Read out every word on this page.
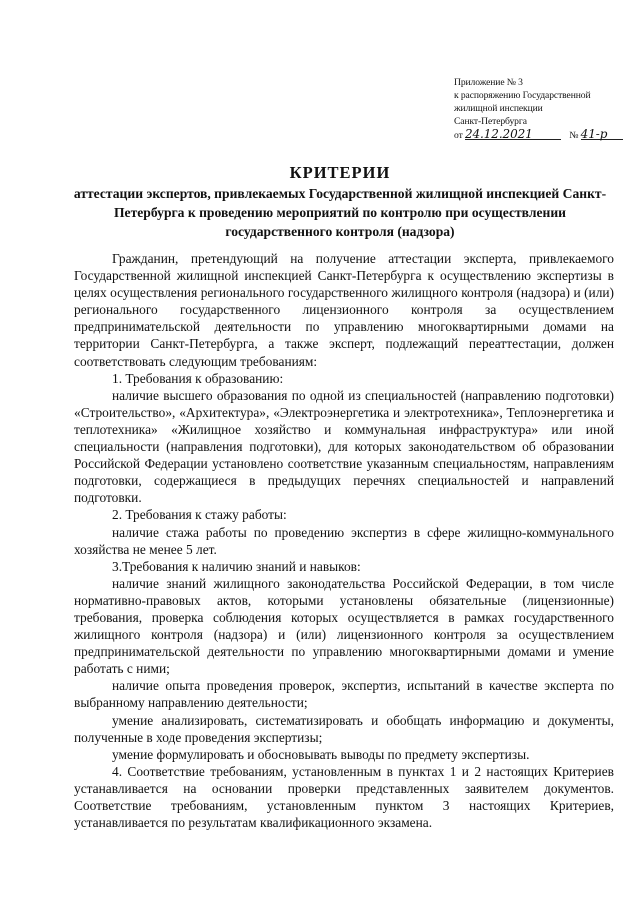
Приложение № 3
к распоряжению Государственной
жилищной инспекции
Санкт-Петербурга
от 24.12.2021	№ 41-р
КРИТЕРИИ
аттестации экспертов, привлекаемых Государственной жилищной инспекцией Санкт-Петербурга к проведению мероприятий по контролю при осуществлении государственного контроля (надзора)

Гражданин, претендующий на получение аттестации эксперта, привлекаемого Государственной жилищной инспекцией Санкт-Петербурга к осуществлению экспертизы в целях осуществления регионального государственного жилищного контроля (надзора) и (или) регионального государственного лицензионного контроля за осуществлением предпринимательской деятельности по управлению многоквартирными домами на территории Санкт-Петербурга, а также эксперт, подлежащий переаттестации, должен соответствовать следующим требованиям:

1. Требования к образованию:

наличие высшего образования по одной из специальностей (направлению подготовки) «Строительство», «Архитектура», «Электроэнергетика и электротехника», Теплоэнергетика и теплотехника» «Жилищное хозяйство и коммунальная инфраструктура» или иной специальности (направления подготовки), для которых законодательством об образовании Российской Федерации установлено соответствие указанным специальностям, направлениям подготовки, содержащиеся в предыдущих перечнях специальностей и направлений подготовки.

2. Требования к стажу работы:

наличие стажа работы по проведению экспертиз в сфере жилищно-коммунального хозяйства не менее 5 лет.

3.Требования к наличию знаний и навыков:

наличие знаний жилищного законодательства Российской Федерации, в том числе нормативно-правовых актов, которыми установлены обязательные (лицензионные) требования, проверка соблюдения которых осуществляется в рамках государственного жилищного контроля (надзора) и (или) лицензионного контроля за осуществлением предпринимательской деятельности по управлению многоквартирными домами и умение работать с ними;

наличие опыта проведения проверок, экспертиз, испытаний в качестве эксперта по выбранному направлению деятельности;

умение анализировать, систематизировать и обобщать информацию и документы, полученные в ходе проведения экспертизы;

умение формулировать и обосновывать выводы по предмету экспертизы.

4. Соответствие требованиям, установленным в пунктах 1 и 2 настоящих Критериев устанавливается на основании проверки представленных заявителем документов. Соответствие требованиям, установленным пунктом 3 настоящих Критериев, устанавливается по результатам квалификационного экзамена.
